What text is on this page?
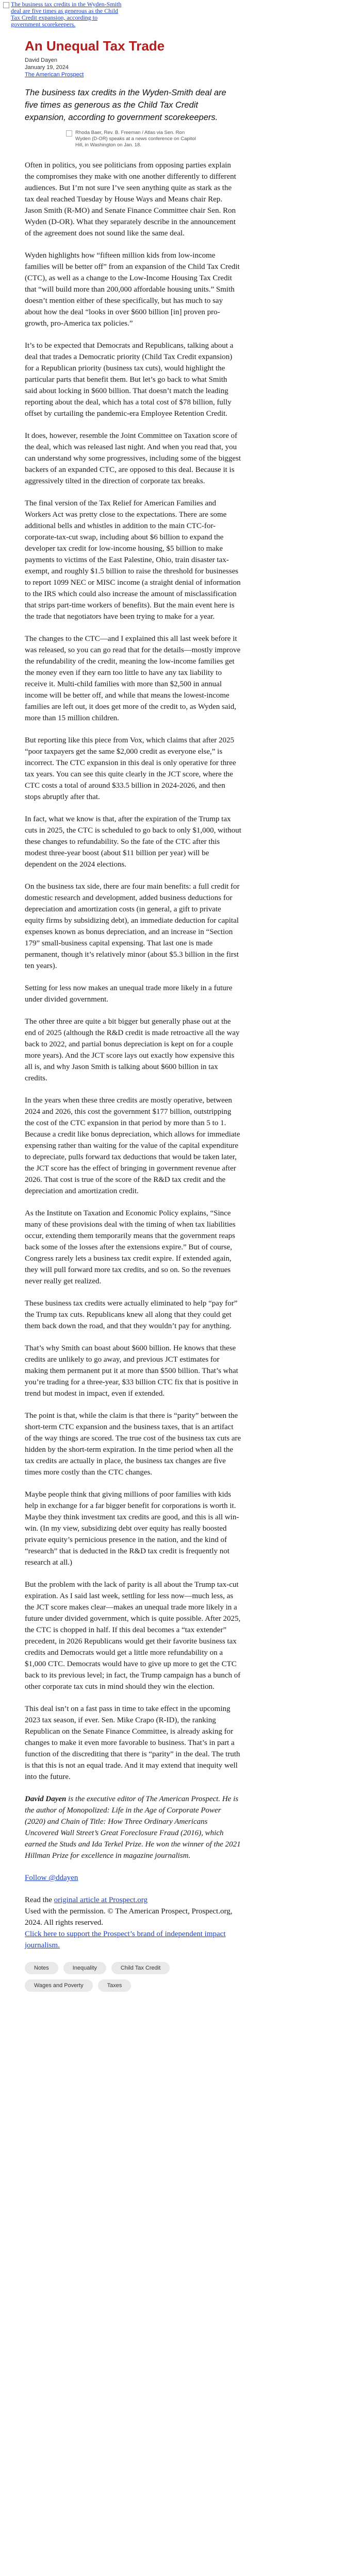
The business tax credits in the Wyden-Smith deal are five times as generous as the Child Tax Credit expansion, according to government scorekeepers.
An Unequal Tax Trade
David Dayen
January 19, 2024
The American Prospect
The business tax credits in the Wyden-Smith deal are five times as generous as the Child Tax Credit expansion, according to government scorekeepers.
Rhoda Baer, Rev. B. Freeman / Atlas via Sen. Ron Wyden (D-OR) speaks at a news conference on Capitol Hill, in Washington on Jan. 18.

Often in politics, you see politicians from opposing parties explain the compromises they make with one another differently to different audiences. But I’m not sure I’ve seen anything quite as stark as the tax deal reached Tuesday by House Ways and Means chair Rep. Jason Smith (R-MO) and Senate Finance Committee chair Sen. Ron Wyden (D-OR). What they separately describe in the announcement of the agreement does not sound like the same deal.

Wyden highlights how “fifteen million kids from low-income families will be better off” from an expansion of the Child Tax Credit (CTC), as well as a change to the Low-Income Housing Tax Credit that “will build more than 200,000 affordable housing units.” Smith doesn’t mention either of these specifically, but has much to say about how the deal “looks in over $600 billion [in] proven pro-growth, pro-America tax policies.”

It’s to be expected that Democrats and Republicans, talking about a deal that trades a Democratic priority (Child Tax Credit expansion) for a Republican priority (business tax cuts), would highlight the particular parts that benefit them. But let’s go back to what Smith said about locking in $600 billion. That doesn’t match the leading reporting about the deal, which has a total cost of $78 billion, fully offset by curtailing the pandemic-era Employee Retention Credit.

It does, however, resemble the Joint Committee on Taxation score of the deal, which was released last night. And when you read that, you can understand why some progressives, including some of the biggest backers of an expanded CTC, are opposed to this deal. Because it is aggressively tilted in the direction of corporate tax breaks.

The final version of the Tax Relief for American Families and Workers Act was pretty close to the expectations. There are some additional bells and whistles in addition to the main CTC-for-corporate-tax-cut swap, including about $6 billion to expand the developer tax credit for low-income housing, $5 billion to make payments to victims of the East Palestine, Ohio, train disaster tax-exempt, and roughly $1.5 billion to raise the threshold for businesses to report 1099 NEC or MISC income (a straight denial of information to the IRS which could also increase the amount of misclassification that strips part-time workers of benefits). But the main event here is the trade that negotiators have been trying to make for a year.

The changes to the CTC—and I explained this all last week before it was released, so you can go read that for the details—mostly improve the refundability of the credit, meaning the low-income families get the money even if they earn too little to have any tax liability to receive it. Multi-child families with more than $2,500 in annual income will be better off, and while that means the lowest-income families are left out, it does get more of the credit to, as Wyden said, more than 15 million children.

But reporting like this piece from Vox, which claims that after 2025 “poor taxpayers get the same $2,000 credit as everyone else,” is incorrect. The CTC expansion in this deal is only operative for three tax years. You can see this quite clearly in the JCT score, where the CTC costs a total of around $33.5 billion in 2024-2026, and then stops abruptly after that.

In fact, what we know is that, after the expiration of the Trump tax cuts in 2025, the CTC is scheduled to go back to only $1,000, without these changes to refundability. So the fate of the CTC after this modest three-year boost (about $11 billion per year) will be dependent on the 2024 elections.

On the business tax side, there are four main benefits: a full credit for domestic research and development, added business deductions for depreciation and amortization costs (in general, a gift to private equity firms by subsidizing debt), an immediate deduction for capital expenses known as bonus depreciation, and an increase in “Section 179” small-business capital expensing. That last one is made permanent, though it’s relatively minor (about $5.3 billion in the first ten years).

Setting for less now makes an unequal trade more likely in a future under divided government.

The other three are quite a bit bigger but generally phase out at the end of 2025 (although the R&D credit is made retroactive all the way back to 2022, and partial bonus depreciation is kept on for a couple more years). And the JCT score lays out exactly how expensive this all is, and why Jason Smith is talking about $600 billion in tax credits.

In the years when these three credits are mostly operative, between 2024 and 2026, this cost the government $177 billion, outstripping the cost of the CTC expansion in that period by more than 5 to 1. Because a credit like bonus depreciation, which allows for immediate expensing rather than waiting for the value of the capital expenditure to depreciate, pulls forward tax deductions that would be taken later, the JCT score has the effect of bringing in government revenue after 2026. That cost is true of the score of the R&D tax credit and the depreciation and amortization credit.

As the Institute on Taxation and Economic Policy explains, “Since many of these provisions deal with the timing of when tax liabilities occur, extending them temporarily means that the government reaps back some of the losses after the extensions expire.” But of course, Congress rarely lets a business tax credit expire. If extended again, they will pull forward more tax credits, and so on. So the revenues never really get realized.

These business tax credits were actually eliminated to help “pay for” the Trump tax cuts. Republicans knew all along that they could get them back down the road, and that they wouldn’t pay for anything.

That’s why Smith can boast about $600 billion. He knows that these credits are unlikely to go away, and previous JCT estimates for making them permanent put it at more than $500 billion. That’s what you’re trading for a three-year, $33 billion CTC fix that is positive in trend but modest in impact, even if extended.

The point is that, while the claim is that there is “parity” between the short-term CTC expansion and the business taxes, that is an artifact of the way things are scored. The true cost of the business tax cuts are hidden by the short-term expiration. In the time period when all the tax credits are actually in place, the business tax changes are five times more costly than the CTC changes.

Maybe people think that giving millions of poor families with kids help in exchange for a far bigger benefit for corporations is worth it. Maybe they think investment tax credits are good, and this is all win-win. (In my view, subsidizing debt over equity has really boosted private equity’s pernicious presence in the nation, and the kind of “research” that is deducted in the R&D tax credit is frequently not research at all.)

But the problem with the lack of parity is all about the Trump tax-cut expiration. As I said last week, settling for less now—much less, as the JCT score makes clear—makes an unequal trade more likely in a future under divided government, which is quite possible. After 2025, the CTC is chopped in half. If this deal becomes a “tax extender” precedent, in 2026 Republicans would get their favorite business tax credits and Democrats would get a little more refundability on a $1,000 CTC. Democrats would have to give up more to get the CTC back to its previous level; in fact, the Trump campaign has a bunch of other corporate tax cuts in mind should they win the election.

This deal isn’t on a fast pass in time to take effect in the upcoming 2023 tax season, if ever. Sen. Mike Crapo (R-ID), the ranking Republican on the Senate Finance Committee, is already asking for changes to make it even more favorable to business. That’s in part a function of the discrediting that there is “parity” in the deal. The truth is that this is not an equal trade. And it may extend that inequity well into the future.

David Dayen is the executive editor of The American Prospect. He is the author of Monopolized: Life in the Age of Corporate Power (2020) and Chain of Title: How Three Ordinary Americans Uncovered Wall Street’s Great Foreclosure Fraud (2016), which earned the Studs and Ida Terkel Prize. He won the winner of the 2021 Hillman Prize for excellence in magazine journalism.

Follow @ddayen

Read the original article at Prospect.org
Used with the permission. © The American Prospect, Prospect.org, 2024. All rights reserved.
Click here to support the Prospect’s brand of independent impact journalism.

Notes	Inequality	Child Tax Credit
Wages and Poverty	Taxes
